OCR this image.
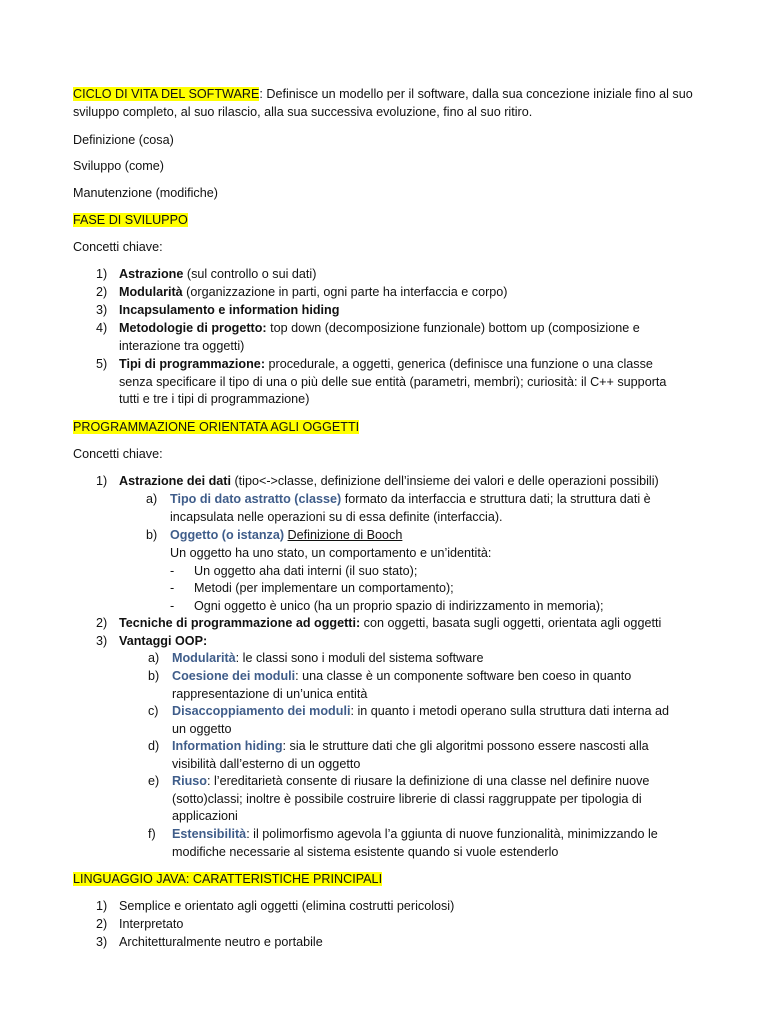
CICLO DI VITA DEL SOFTWARE: Definisce un modello per il software, dalla sua concezione iniziale fino al suo
sviluppo completo, al suo rilascio, alla sua successiva evoluzione, fino al suo ritiro.
Definizione (cosa)
Sviluppo (come)
Manutenzione (modifiche)
FASE DI SVILUPPO
Concetti chiave:
1) Astrazione (sul controllo o sui dati)
2) Modularità (organizzazione in parti, ogni parte ha interfaccia e corpo)
3) Incapsulamento e information hiding
4) Metodologie di progetto: top down (decomposizione funzionale) bottom up (composizione e
interazione tra oggetti)
5) Tipi di programmazione: procedurale, a oggetti, generica (definisce una funzione o una classe
senza specificare il tipo di una o più delle sue entità (parametri, membri); curiosità: il C++ supporta
tutti e tre i tipi di programmazione)
PROGRAMMAZIONE ORIENTATA AGLI OGGETTI
Concetti chiave:
1) Astrazione dei dati (tipo<->classe, definizione dell’insieme dei valori e delle operazioni possibili)
a) Tipo di dato astratto (classe) formato da interfaccia e struttura dati; la struttura dati è
incapsulata nelle operazioni su di essa definite (interfaccia).
b) Oggetto (o istanza) Definizione di Booch
Un oggetto ha uno stato, un comportamento e un’identità:
- Un oggetto aha dati interni (il suo stato);
- Metodi (per implementare un comportamento);
- Ogni oggetto è unico (ha un proprio spazio di indirizzamento in memoria);
2) Tecniche di programmazione ad oggetti: con oggetti, basata sugli oggetti, orientata agli oggetti
3) Vantaggi OOP:
a) Modularità: le classi sono i moduli del sistema software
b) Coesione dei moduli: una classe è un componente software ben coeso in quanto
rappresentazione di un’unica entità
c) Disaccoppiamento dei moduli: in quanto i metodi operano sulla struttura dati interna ad
un oggetto
d) Information hiding: sia le strutture dati che gli algoritmi possono essere nascosti alla
visibilità dall’esterno di un oggetto
e) Riuso: l’ereditarietà consente di riusare la definizione di una classe nel definire nuove
(sotto)classi; inoltre è possibile costruire librerie di classi raggruppate per tipologia di
applicazioni
f) Estensibilità: il polimorfismo agevola l’a ggiunta di nuove funzionalità, minimizzando le
modifiche necessarie al sistema esistente quando si vuole estenderlo
LINGUAGGIO JAVA: CARATTERISTICHE PRINCIPALI
1) Semplice e orientato agli oggetti (elimina costrutti pericolosi)
2) Interpretato
3) Architetturalmente neutro e portabile
